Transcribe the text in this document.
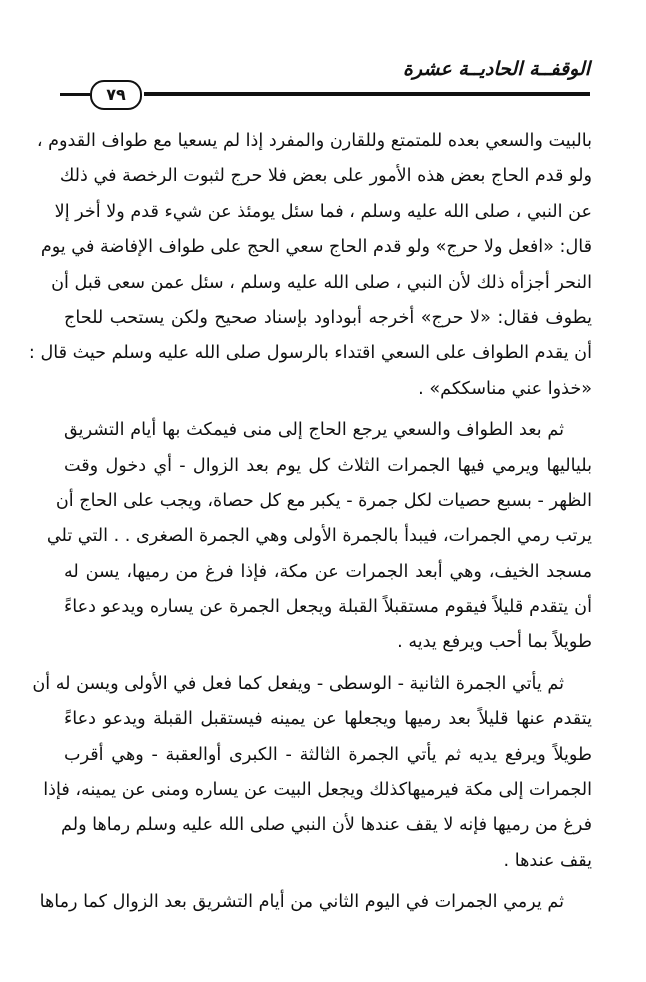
الوقفــة الحاديــة عشرة
٧٩
بالبيت والسعي بعده للمتمتع وللقارن والمفرد إذا لم يسعيا مع طواف القدوم ،
ولو قدم الحاج بعض هذه الأمور على بعض فلا حرج لثبوت الرخصة في ذلك
عن النبي ، صلى الله عليه وسلم ، فما سئل يومئذ عن شيء قدم ولا أخر إلا
قال: «افعل ولا حرج» ولو قدم الحاج سعي الحج على طواف الإفاضة في يوم
النحر أجزأه ذلك لأن النبي ، صلى الله عليه وسلم ، سئل عمن سعى قبل أن
يطوف فقال: «لا حرج» أخرجه أبوداود بإسناد صحيح ولكن يستحب للحاج
أن يقدم الطواف على السعي اقتداء بالرسول صلى الله عليه وسلم حيث قال :
«خذوا عني مناسككم» .
ثم بعد الطواف والسعي يرجع الحاج إلى منى فيمكث بها أيام التشريق
بلياليها ويرمي فيها الجمرات الثلاث كل يوم بعد الزوال - أي دخول وقت
الظهر - بسبع حصيات لكل جمرة - يكبر مع كل حصاة، ويجب على الحاج أن
يرتب رمي الجمرات، فيبدأ بالجمرة الأولى وهي الجمرة الصغرى . . التي تلي
مسجد الخيف، وهي أبعد الجمرات عن مكة، فإذا فرغ من رميها، يسن له
أن يتقدم قليلاً فيقوم مستقبلاً القبلة ويجعل الجمرة عن يساره ويدعو دعاءً
طويلاً بما أحب ويرفع يديه .
ثم يأتي الجمرة الثانية - الوسطى - ويفعل كما فعل في الأولى ويسن له أن
يتقدم عنها قليلاً بعد رميها ويجعلها عن يمينه فيستقبل القبلة ويدعو دعاءً
طويلاً ويرفع يديه ثم يأتي الجمرة الثالثة - الكبرى أوالعقبة - وهي أقرب
الجمرات إلى مكة فيرميهاكذلك ويجعل البيت عن يساره ومنى عن يمينه، فإذا
فرغ من رميها فإنه لا يقف عندها لأن النبي صلى الله عليه وسلم رماها ولم
يقف عندها .
ثم يرمي الجمرات في اليوم الثاني من أيام التشريق بعد الزوال كما رماها
